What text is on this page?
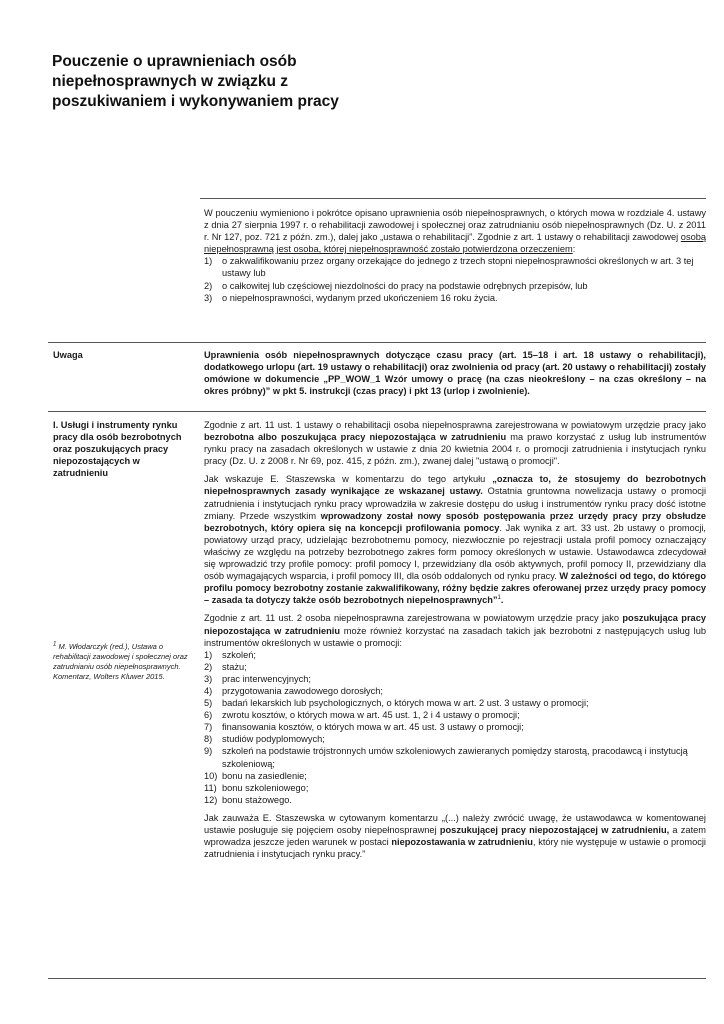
Pouczenie o uprawnieniach osób niepełnosprawnych w związku z poszukiwaniem i wykonywaniem pracy

W pouczeniu wymieniono i pokrótce opisano uprawnienia osób niepełnosprawnych, o których mowa w rozdziale 4. ustawy z dnia 27 sierpnia 1997 r. o rehabilitacji zawodowej i społecznej oraz zatrudnianiu osób niepełnosprawnych (Dz. U. z 2011 r. Nr 127, poz. 721 z późn. zm.), dalej jako „ustawa o rehabilitacji”. Zgodnie z art. 1 ustawy o rehabilitacji zawodowej osobą niepełnosprawną jest osoba, której niepełnosprawność zostało potwierdzona orzeczeniem:

1)	o zakwalifikowaniu przez organy orzekające do jednego z trzech stopni niepełnosprawności określonych w art. 3 tej ustawy lub
2)	o całkowitej lub częściowej niezdolności do pracy na podstawie odrębnych przepisów, lub
3)	o niepełnosprawności, wydanym przed ukończeniem 16 roku życia.
Uwaga	Uprawnienia osób niepełnosprawnych dotyczące czasu pracy (art. 15–18 i art. 18 ustawy o rehabilitacji), dodatkowego urlopu (art. 19 ustawy o rehabilitacji) oraz zwolnienia od pracy (art. 20 ustawy o rehabilitacji) zostały omówione w dokumencie „PP_WOW_1 Wzór umowy o pracę (na czas nieokreślony – na czas określony – na okres próbny)” w pkt 5. instrukcji (czas pracy) i pkt 13 (urlop i zwolnienie).

I. Usługi i instrumenty rynku pracy dla osób bezrobotnych oraz poszukujących pracy niepozostających w zatrudnieniu

Zgodnie z art. 11 ust. 1 ustawy o rehabilitacji osoba niepełnosprawna zarejestrowana w powiatowym urzędzie pracy jako bezrobotna albo poszukująca pracy niepozostająca w zatrudnieniu ma prawo korzystać z usług lub instrumentów rynku pracy na zasadach określonych w ustawie z dnia 20 kwietnia 2004 r. o promocji zatrudnienia i instytucjach rynku pracy (Dz. U. z 2008 r. Nr 69, poz. 415, z późn. zm.), zwanej dalej "ustawą o promocji".

Jak wskazuje E. Staszewska w komentarzu do tego artykułu „oznacza to, że stosujemy do bezrobotnych niepełnosprawnych zasady wynikające ze wskazanej ustawy. Ostatnia gruntowna nowelizacja ustawy o promocji zatrudnienia i instytucjach rynku pracy wprowadziła w zakresie dostępu do usług i instrumentów rynku pracy dość istotne zmiany. Przede wszystkim wprowadzony został nowy sposób postępowania przez urzędy pracy przy obsłudze bezrobotnych, który opiera się na koncepcji profilowania pomocy. Jak wynika z art. 33 ust. 2b ustawy o promocji, powiatowy urząd pracy, udzielając bezrobotnemu pomocy, niezwłocznie po rejestracji ustala profil pomocy oznaczający właściwy ze względu na potrzeby bezrobotnego zakres form pomocy określonych w ustawie. Ustawodawca zdecydował się wprowadzić trzy profile pomocy: profil pomocy I, przewidziany dla osób aktywnych, profil pomocy II, przewidziany dla osób wymagających wsparcia, i profil pomocy III, dla osób oddalonych od rynku pracy. W zależności od tego, do którego profilu pomocy bezrobotny zostanie zakwalifikowany, różny będzie zakres oferowanej przez urzędy pracy pomocy – zasada ta dotyczy także osób bezrobotnych niepełnosprawnych”$^1$.

Zgodnie z art. 11 ust. 2 osoba niepełnosprawna zarejestrowana w powiatowym urzędzie pracy jako poszukująca pracy niepozostająca w zatrudnieniu może również korzystać na zasadach takich jak bezrobotni z następujących usług lub instrumentów określonych w ustawie o promocji:

1)	szkoleń;
2)	stażu;
3)	prac interwencyjnych;
4)	przygotowania zawodowego dorosłych;
5)	badań lekarskich lub psychologicznych, o których mowa w art. 2 ust. 3 ustawy o promocji;
6)	zwrotu kosztów, o których mowa w art. 45 ust. 1, 2 i 4 ustawy o promocji;
7)	finansowania kosztów, o których mowa w art. 45 ust. 3 ustawy o promocji;
8)	studiów podyplomowych;
9)	szkoleń na podstawie trójstronnych umów szkoleniowych zawieranych pomiędzy starostą, pracodawcą i instytucją szkoleniową;
10) bonu na zasiedlenie;
11) bonu szkoleniowego;
12) bonu stażowego.

Jak zauważa E. Staszewska w cytowanym komentarzu „(...) należy zwrócić uwagę, że ustawodawca w komentowanej ustawie posługuje się pojęciem osoby niepełnosprawnej poszukującej pracy niepozostającej w zatrudnieniu, a zatem wprowadza jeszcze jeden warunek w postaci niepozostawania w zatrudnieniu, który nie występuje w ustawie o promocji zatrudnienia i instytucjach rynku pracy.”

$^1$ M. Włodarczyk (red.), Ustawa o rehabilitacji zawodowej i społecznej oraz zatrudnianiu osób niepełnosprawnych. Komentarz, Wolters Kluwer 2015.
